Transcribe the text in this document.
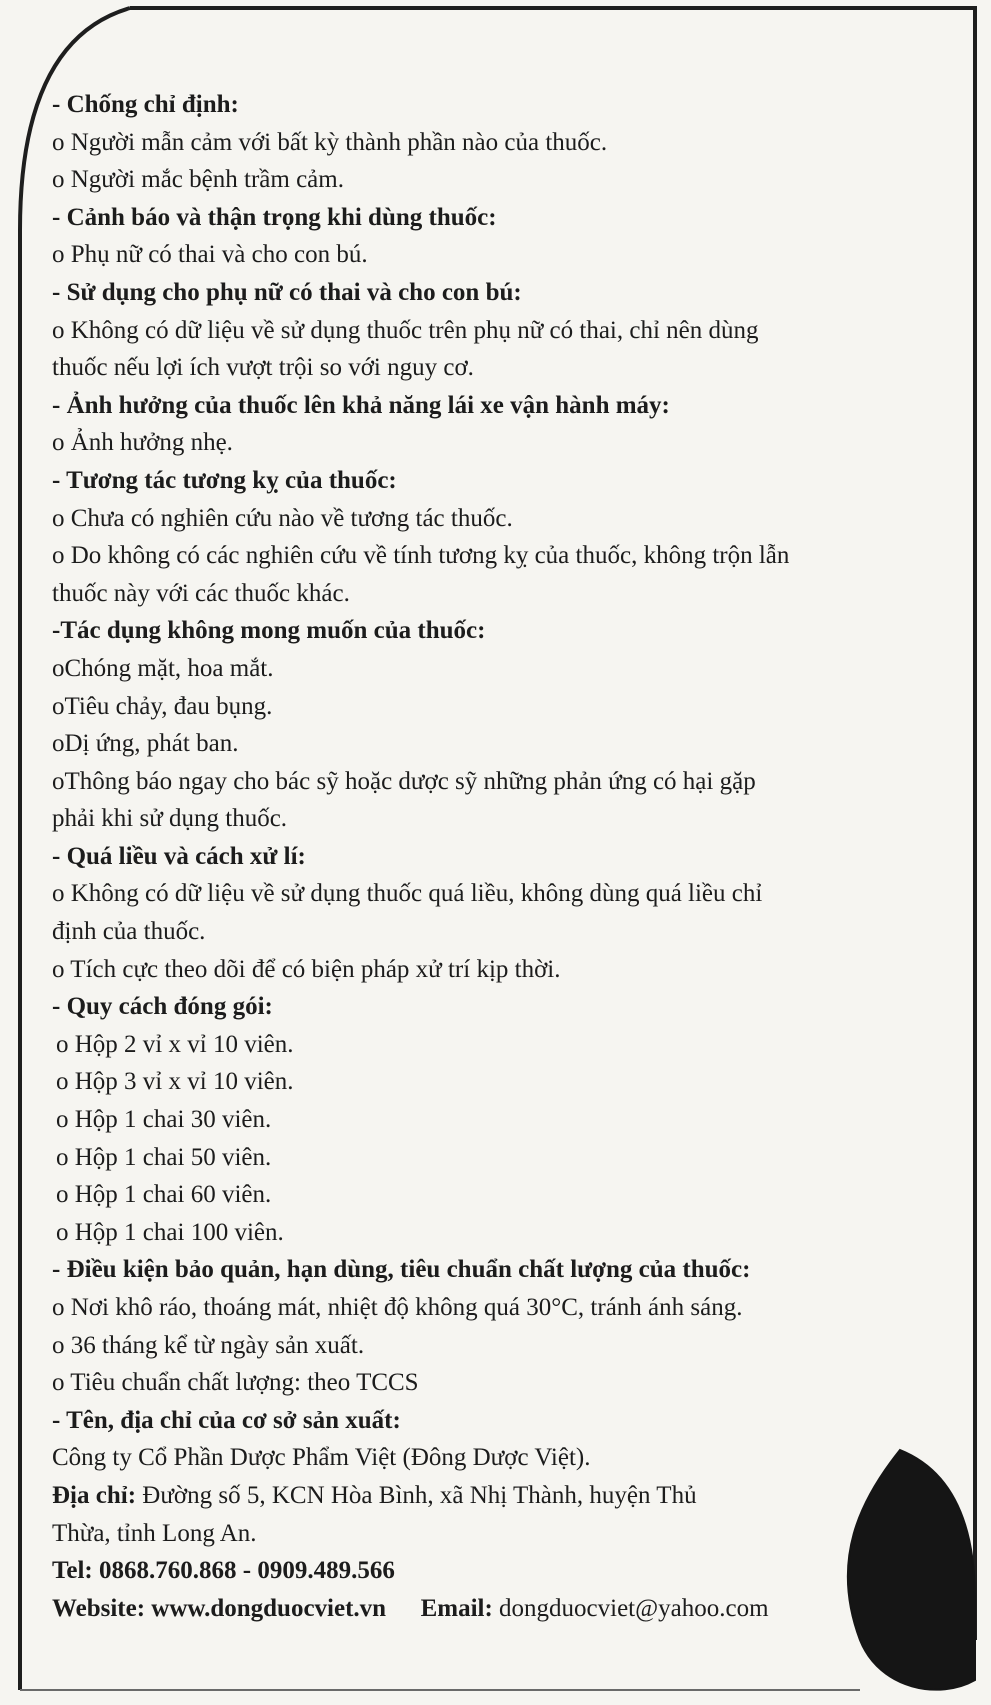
- Chống chỉ định:
o Người mẫn cảm với bất kỳ thành phần nào của thuốc.
o Người mắc bệnh trầm cảm.
- Cảnh báo và thận trọng khi dùng thuốc:
o Phụ nữ có thai và cho con bú.
- Sử dụng cho phụ nữ có thai và cho con bú:
o Không có dữ liệu về sử dụng thuốc trên phụ nữ có thai, chỉ nên dùng
thuốc nếu lợi ích vượt trội so với nguy cơ.
- Ảnh hưởng của thuốc lên khả năng lái xe vận hành máy:
o Ảnh hưởng nhẹ.
- Tương tác tương kỵ của thuốc:
o Chưa có nghiên cứu nào về tương tác thuốc.
o Do không có các nghiên cứu về tính tương kỵ của thuốc, không trộn lẫn
thuốc này với các thuốc khác.
-Tác dụng không mong muốn của thuốc:
oChóng mặt, hoa mắt.
oTiêu chảy, đau bụng.
oDị ứng, phát ban.
oThông báo ngay cho bác sỹ hoặc dược sỹ những phản ứng có hại gặp
phải khi sử dụng thuốc.
- Quá liều và cách xử lí:
o Không có dữ liệu về sử dụng thuốc quá liều, không dùng quá liều chỉ
định của thuốc.
o Tích cực theo dõi để có biện pháp xử trí kịp thời.
- Quy cách đóng gói:
o Hộp 2 vỉ x vỉ 10 viên.
o Hộp 3 vỉ x vỉ 10 viên.
o Hộp 1 chai 30 viên.
o Hộp 1 chai 50 viên.
o Hộp 1 chai 60 viên.
o Hộp 1 chai 100 viên.
- Điều kiện bảo quản, hạn dùng, tiêu chuẩn chất lượng của thuốc:
o Nơi khô ráo, thoáng mát, nhiệt độ không quá 30°C, tránh ánh sáng.
o 36 tháng kể từ ngày sản xuất.
o Tiêu chuẩn chất lượng: theo TCCS
- Tên, địa chỉ của cơ sở sản xuất:
Công ty Cổ Phần Dược Phẩm Việt (Đông Dược Việt).
Địa chỉ: Đường số 5, KCN Hòa Bình, xã Nhị Thành, huyện Thủ
Thừa, tỉnh Long An.
Tel: 0868.760.868 - 0909.489.566
Website: www.dongduocviet.vn Email: dongduocviet@yahoo.com
